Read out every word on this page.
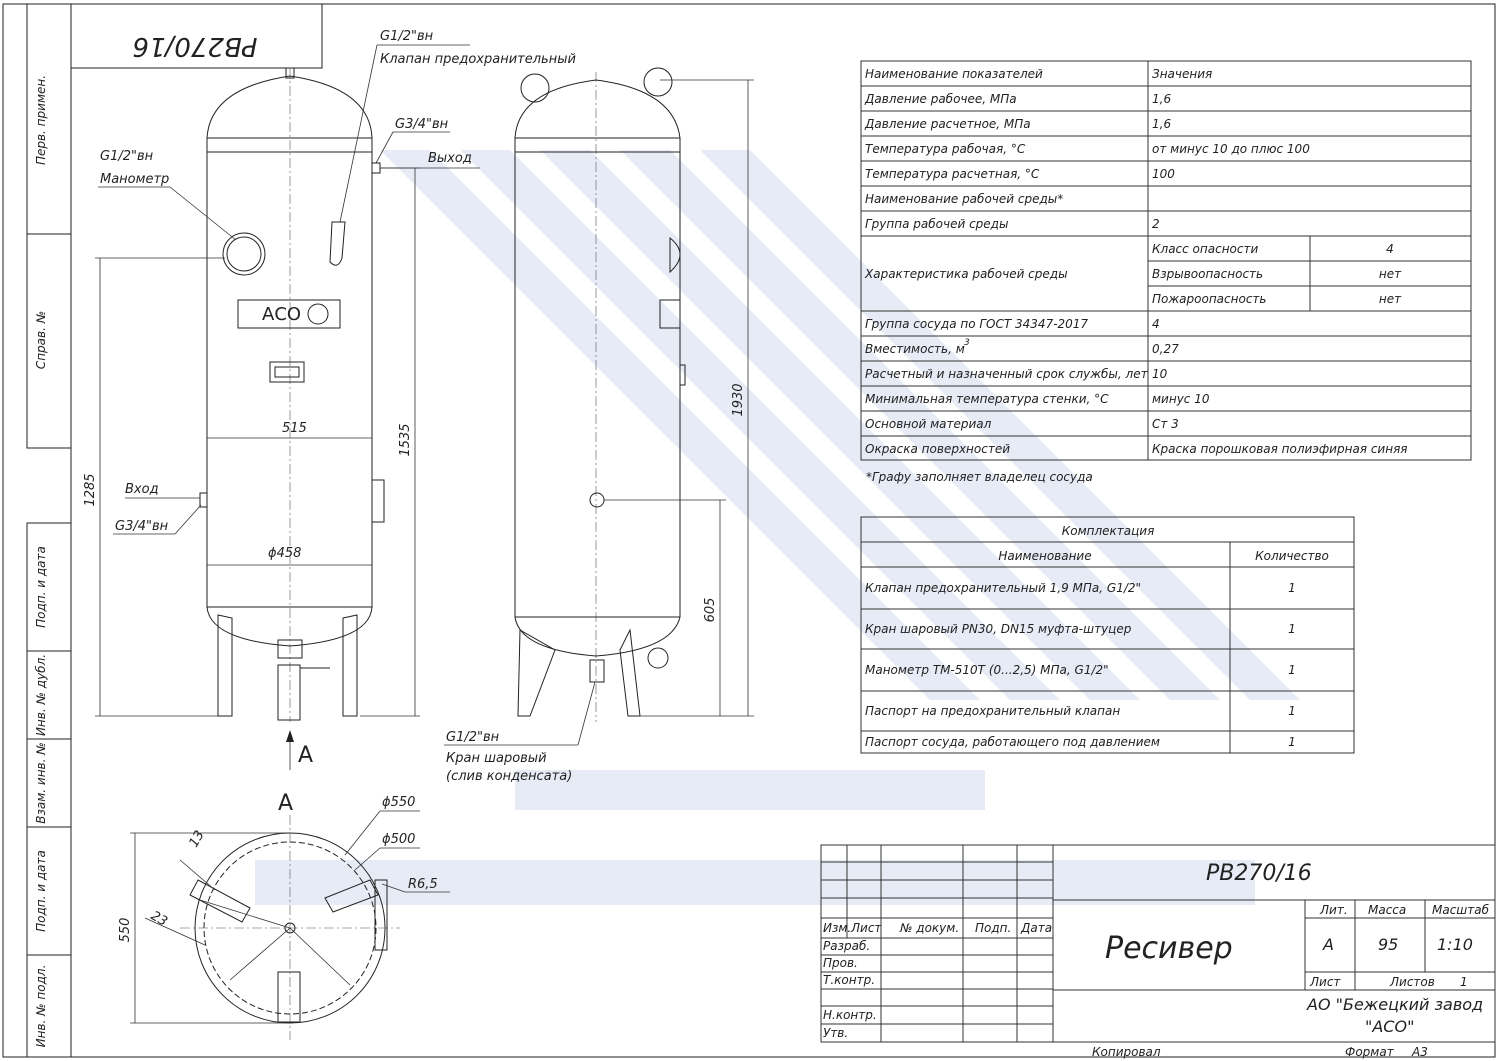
Перв. примен.
Справ. №
Подп. и дата
Инв. № дубл.
Взам. инв. №
Подп. и дата
Инв. № подл.
РВ270/16
АСО
515
ϕ458
1535
1285
G1/2"вн
Манометр
G1/2"вн
Клапан предохранительный
G3/4"вн
Выход
Вход
G3/4"вн
A
1930
605
G1/2"вн
Кран шаровый
(слив конденсата)
A
550
ϕ550
ϕ500
R6,5
13
23
Наименование показателей	Значения
Давление рабочее, МПа	1,6
Давление расчетное, МПа	1,6
Температура рабочая, °С	от минус 10 до плюс 100
Температура расчетная, °С	100
Наименование рабочей среды*
Группа рабочей среды	2
Характеристика рабочей среды
Класс опасности	4
Взрывоопасность	нет
Пожароопасность	нет
Группа сосуда по ГОСТ 34347-2017	4
Вместимость, м 3	0,27
Расчетный и назначенный срок службы, лет 10
Минимальная температура стенки, °С	минус 10
Основной материал	Ст 3
Окраска поверхностей	Краска порошковая полиэфирная синяя
*Графу заполняет владелец сосуда
Комплектация
Наименование	Количество
Клапан предохранительный 1,9 МПа, G1/2"	1
Кран шаровый PN30, DN15 муфта-штуцер	1
Манометр ТМ-510Т (0...2,5) МПа, G1/2"	1
Паспорт на предохранительный клапан	1
Паспорт сосуда, работающего под давлением	1
Изм. Лист № докум. Подп. Дата
Разраб.
Пров.
Т.контр.
Н.контр.
Утв.
РВ270/16
Ресивер
Лит. Масса Масштаб
А	95 1:10
Лист	Листов 1
АО "Бежецкий завод
"АСО"
Копировал	Формат А3
